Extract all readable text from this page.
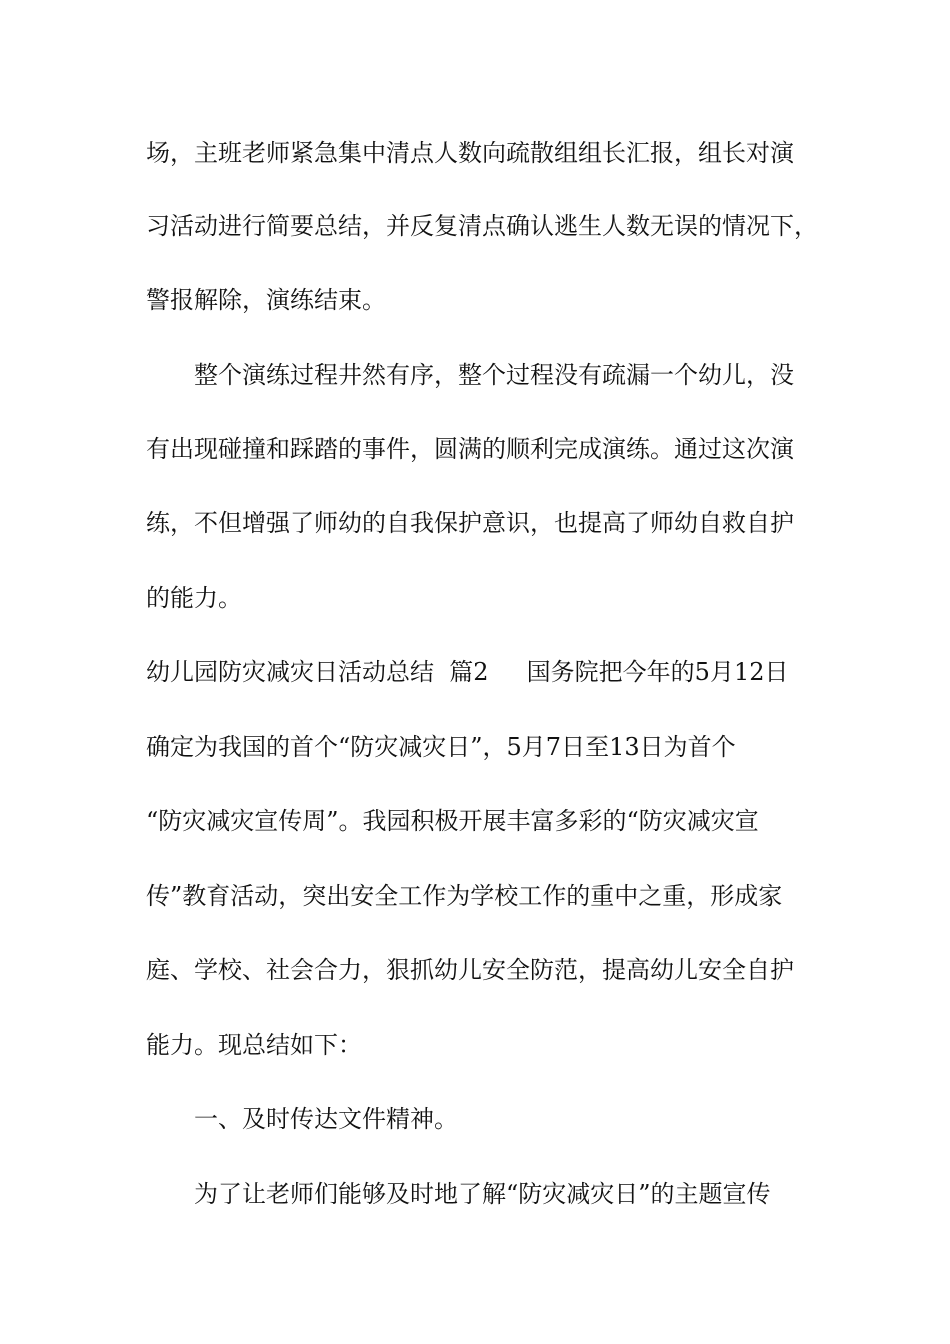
场，主班老师紧急集中清点人数向疏散组组长汇报，组长对演
习活动进行简要总结，并反复清点确认逃生人数无误的情况下，
警报解除，演练结束。
整个演练过程井然有序，整个过程没有疏漏一个幼儿，没
有出现碰撞和踩踏的事件，圆满的顺利完成演练。通过这次演
练，不但增强了师幼的自我保护意识，也提高了师幼自救自护
的能力。
幼儿园防灾减灾日活动总结  篇2     国务院把今年的5月12日
确定为我国的首个“防灾减灾日”，5月7日至13日为首个
“防灾减灾宣传周”。我园积极开展丰富多彩的“防灾减灾宣
传”教育活动，突出安全工作为学校工作的重中之重，形成家
庭、学校、社会合力，狠抓幼儿安全防范，提高幼儿安全自护
能力。现总结如下：
一、及时传达文件精神。
为了让老师们能够及时地了解“防灾减灾日”的主题宣传
